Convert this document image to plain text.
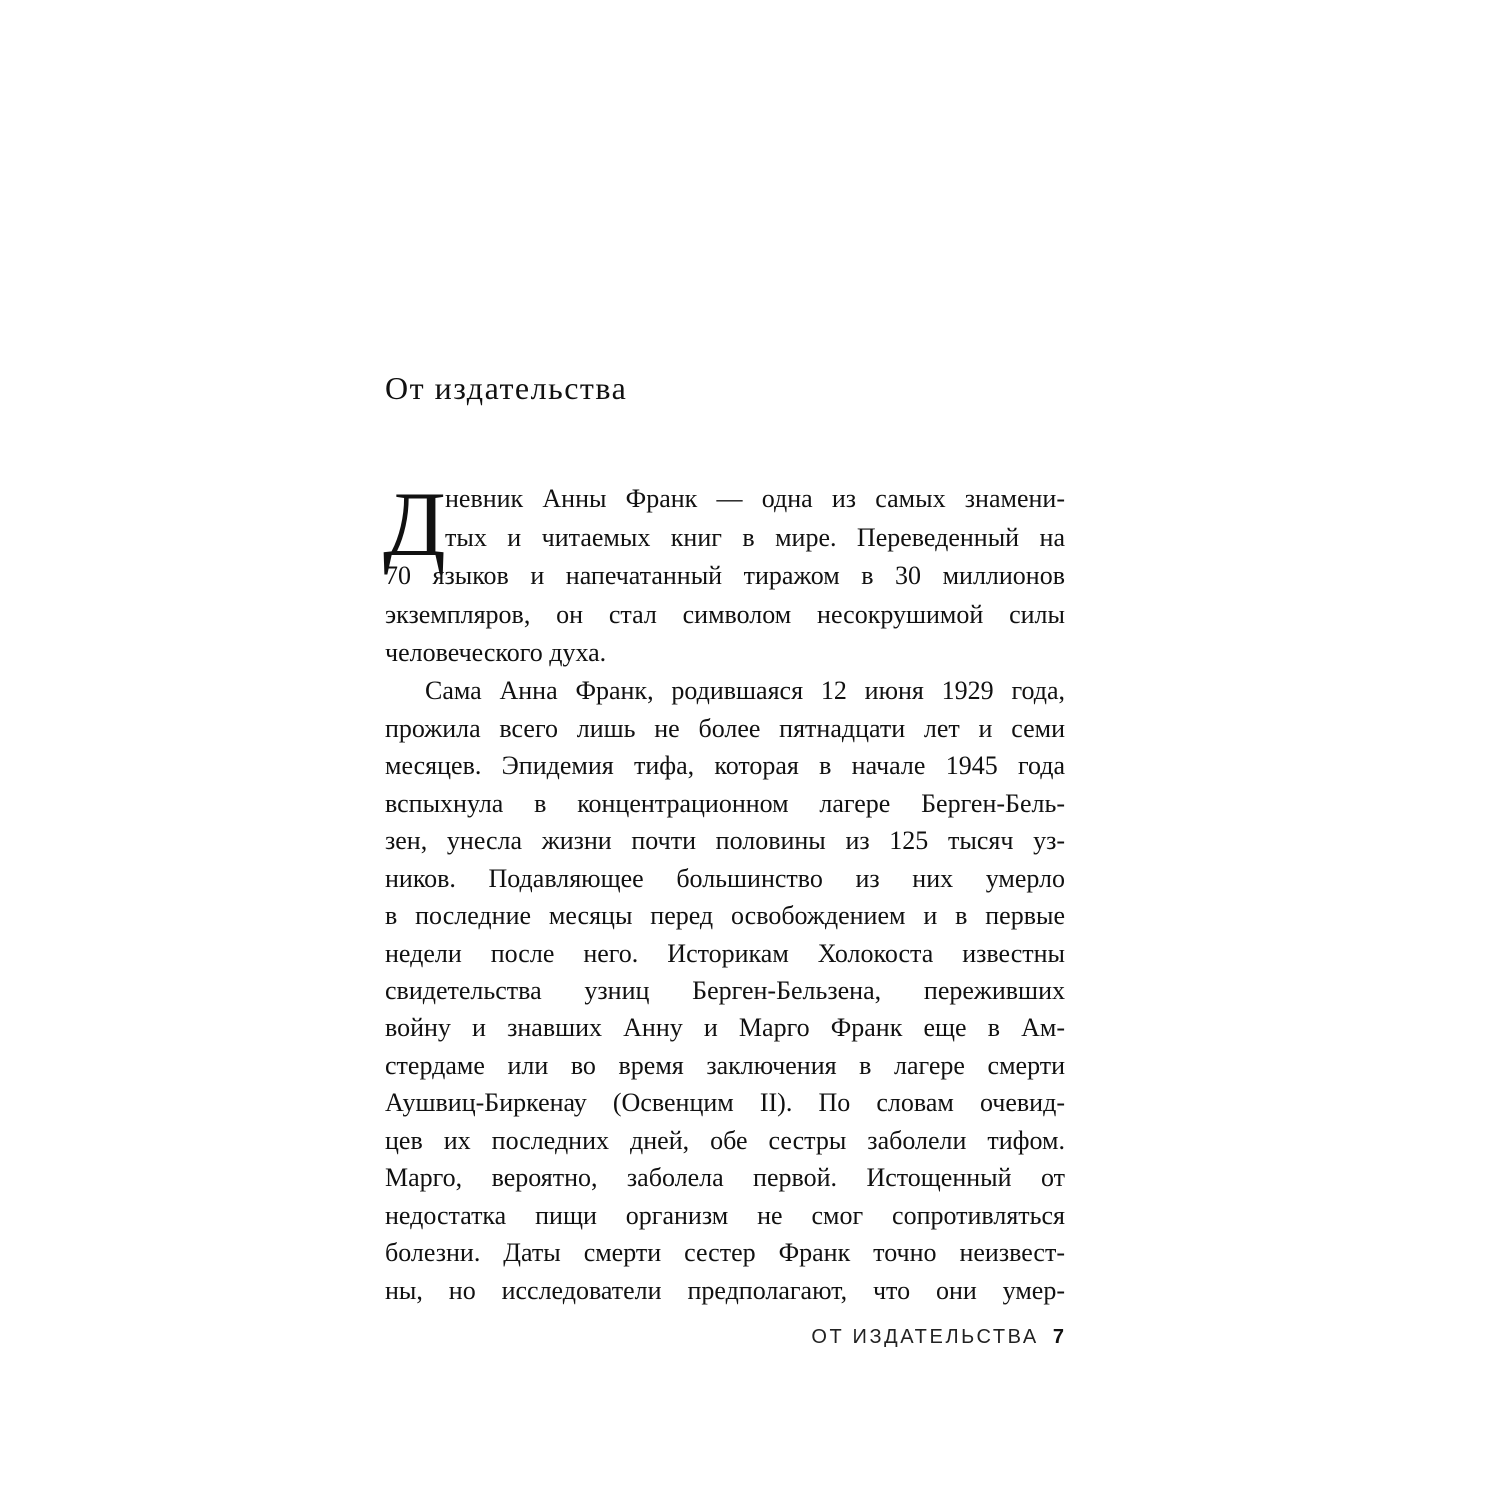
От издательства
Д невник Анны Франк — одна из самых знамени-

тых и читаемых книг в мире. Переведенный на

70 языков и напечатанный тиражом в 30 миллионов

экземпляров, он стал символом несокрушимой силы

человеческого духа.

Сама Анна Франк, родившаяся 12 июня 1929 года,

прожила всего лишь не более пятнадцати лет и семи

месяцев. Эпидемия тифа, которая в начале 1945 года

вспыхнула в концентрационном лагере Берген-Бель-

зен, унесла жизни почти половины из 125 тысяч уз-

ников. Подавляющее большинство из них умерло

в последние месяцы перед освобождением и в первые

недели после него. Историкам Холокоста известны

свидетельства узниц Берген-Бельзена, переживших

войну и знавших Анну и Марго Франк еще в Ам-

стердаме или во время заключения в лагере смерти

Аушвиц-Биркенау (Освенцим II). По словам очевид-

цев их последних дней, обе сестры заболели тифом.

Марго, вероятно, заболела первой. Истощенный от

недостатка пищи организм не смог сопротивляться

болезни. Даты смерти сестер Франк точно неизвест-

ны, но исследователи предполагают, что они умер-

ОТ ИЗДАТЕЛЬСТВА 7
